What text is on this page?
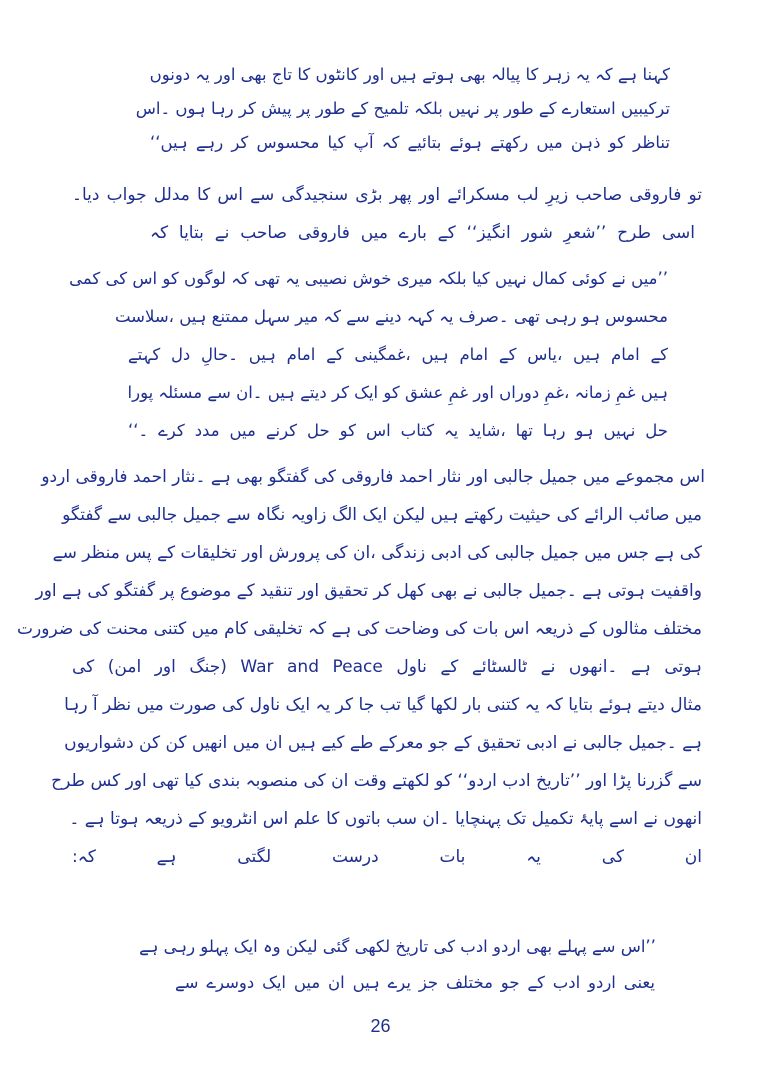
کہنا ہے کہ یہ زہر کا پیالہ بھی ہوتے ہیں اور کانٹوں کا تاج بھی اور یہ دونوں
ترکیبیں استعارے کے طور پر نہیں بلکہ تلمیح کے طور پر پیش کر رہا ہوں ۔اس
تناظر کو ذہن میں رکھتے ہوئے بتائیے کہ آپ کیا محسوس کر رہے ہیں‘‘
تو فاروقی صاحب زیرِ لب مسکرائے اور پھر بڑی سنجیدگی سے اس کا مدلل جواب دیا۔
اسی طرح ’’شعرِ شور انگیز‘‘ کے بارے میں فاروقی صاحب نے بتایا کہ
’’میں نے کوئی کمال نہیں کیا بلکہ میری خوش نصیبی یہ تھی کہ لوگوں کو اس کی کمی
محسوس ہو رہی تھی ۔صرف یہ کہہ دینے سے کہ میر سہل ممتنع ہیں ،سلاست
کے امام ہیں ،یاس کے امام ہیں ،غمگینی کے امام ہیں ۔حالِ دل کہتے
ہیں غمِ زمانہ ،غمِ دوراں اور غمِ عشق کو ایک کر دیتے ہیں ۔ان سے مسئلہ پورا
حل نہیں ہو رہا تھا ،شاید یہ کتاب اس کو حل کرنے میں مدد کرے ۔‘‘
اس مجموعے میں جمیل جالبی اور نثار احمد فاروقی کی گفتگو بھی ہے ۔نثار احمد فاروقی اردو
میں صائب الرائے کی حیثیت رکھتے ہیں لیکن ایک الگ زاویہ نگاہ سے جمیل جالبی سے گفتگو
کی ہے جس میں جمیل جالبی کی ادبی زندگی ،ان کی پرورش اور تخلیقات کے پس منظر سے
واقفیت ہوتی ہے ۔جمیل جالبی نے بھی کھل کر تحقیق اور تنقید کے موضوع پر گفتگو کی ہے اور
مختلف مثالوں کے ذریعہ اس بات کی وضاحت کی ہے کہ تخلیقی کام میں کتنی محنت کی ضرورت
ہوتی ہے ۔انھوں نے ٹالسٹائے کے ناول War and Peace (جنگ اور امن) کی
مثال دیتے ہوئے بتایا کہ یہ کتنی بار لکھا گیا تب جا کر یہ ایک ناول کی صورت میں نظر آ رہا
ہے ۔جمیل جالبی نے ادبی تحقیق کے جو معرکے طے کیے ہیں ان میں انھیں کن کن دشواریوں
سے گزرنا پڑا اور ’’تاریخ ادب اردو‘‘ کو لکھتے وقت ان کی منصوبہ بندی کیا تھی اور کس طرح
انھوں نے اسے پایۂ تکمیل تک پہنچایا ۔ان سب باتوں کا علم اس انٹرویو کے ذریعہ ہوتا ہے ۔
ان کی یہ بات درست لگتی ہے کہ:
’’اس سے پہلے بھی اردو ادب کی تاریخ لکھی گئی لیکن وہ ایک پہلو رہی ہے
یعنی اردو ادب کے جو مختلف جز یرے ہیں ان میں ایک دوسرے سے
26
